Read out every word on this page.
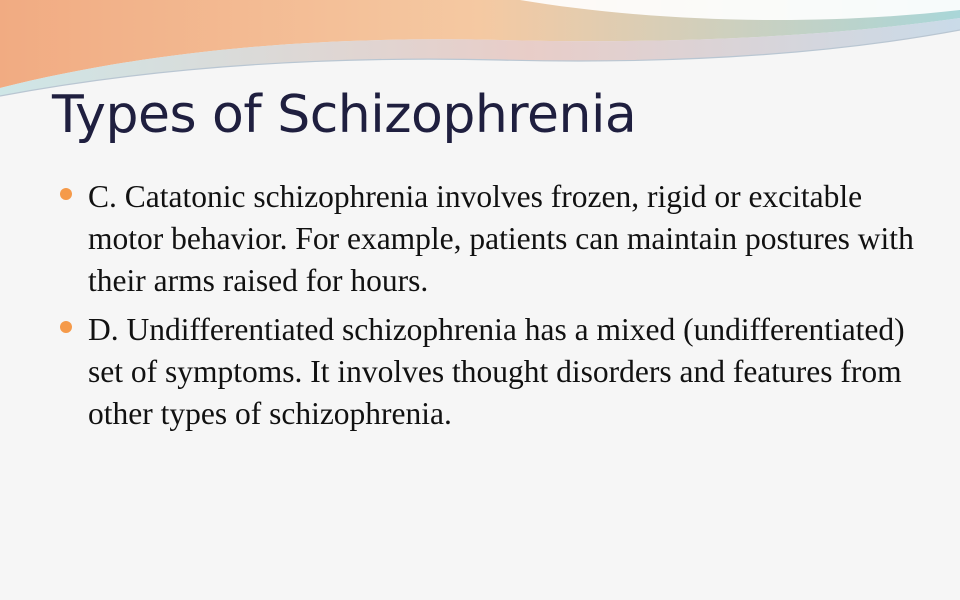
Types of Schizophrenia
C. Catatonic schizophrenia involves frozen, rigid or excitable motor behavior. For example, patients can maintain postures with their arms raised for hours.
D. Undifferentiated schizophrenia has a mixed (undifferentiated) set of symptoms. It involves thought disorders and features from other types of schizophrenia.
